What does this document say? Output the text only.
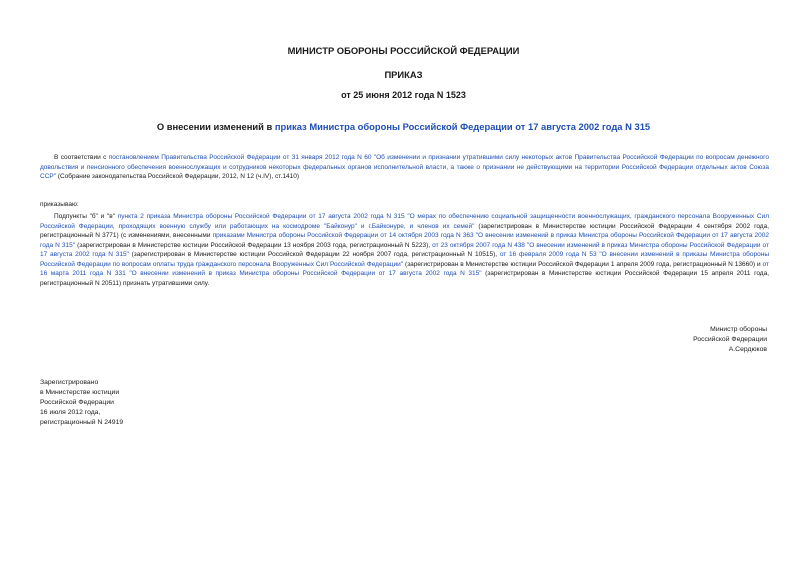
МИНИСТР ОБОРОНЫ РОССИЙСКОЙ ФЕДЕРАЦИИ
ПРИКАЗ
от 25 июня 2012 года N 1523
О внесении изменений в приказ Министра обороны Российской Федерации от 17 августа 2002 года N 315

В соответствии с постановлением Правительства Российской Федерации от 31 января 2012 года N 60 "Об изменении и признании утратившими силу некоторых актов Правительства Российской Федерации по вопросам денежного довольствия и пенсионного обеспечения военнослужащих и сотрудников некоторых федеральных органов исполнительной власти, а также о признании не действующими на территории Российской Федерации отдельных актов Союза ССР" (Собрание законодательства Российской Федерации, 2012, N 12 (ч.IV), ст.1410)

приказываю:

Подпункты "б" и "в" пункта 2 приказа Министра обороны Российской Федерации от 17 августа 2002 года N 315 "О мерах по обеспечению социальной защищенности военнослужащих, гражданского персонала Вооруженных Сил Российской Федерации, проходящих военную службу или работающих на космодроме "Байконур" и г.Байконуре, и членов их семей" (зарегистрирован в Министерстве юстиции Российской Федерации 4 сентября 2002 года, регистрационный N 3771) (с изменениями, внесенными приказами Министра обороны Российской Федерации от 14 октября 2003 года N 363 "О внесении изменений в приказ Министра обороны Российской Федерации от 17 августа 2002 года N 315" (зарегистрирован в Министерстве юстиции Российской Федерации 13 ноября 2003 года, регистрационный N 5223), от 23 октября 2007 года N 438 "О внесении изменений в приказ Министра обороны Российской Федерации от 17 августа 2002 года N 315" (зарегистрирован в Министерстве юстиции Российской Федерации 22 ноября 2007 года, регистрационный N 10515), от 16 февраля 2009 года N 53 "О внесении изменений в приказы Министра обороны Российской Федерации по вопросам оплаты труда гражданского персонала Вооруженных Сил Российской Федерации" (зарегистрирован в Министерстве юстиции Российской Федерации 1 апреля 2009 года, регистрационный N 13660) и от 16 марта 2011 года N 331 "О внесении изменений в приказ Министра обороны Российской Федерации от 17 августа 2002 года N 315" (зарегистрирован в Министерстве юстиции Российской Федерации 15 апреля 2011 года, регистрационный N 20511) признать утратившими силу.

Министр обороны
Российской Федерации
А.Сердюков
Зарегистрировано
в Министерстве юстиции
Российской Федерации
16 июля 2012 года,
регистрационный N 24919
